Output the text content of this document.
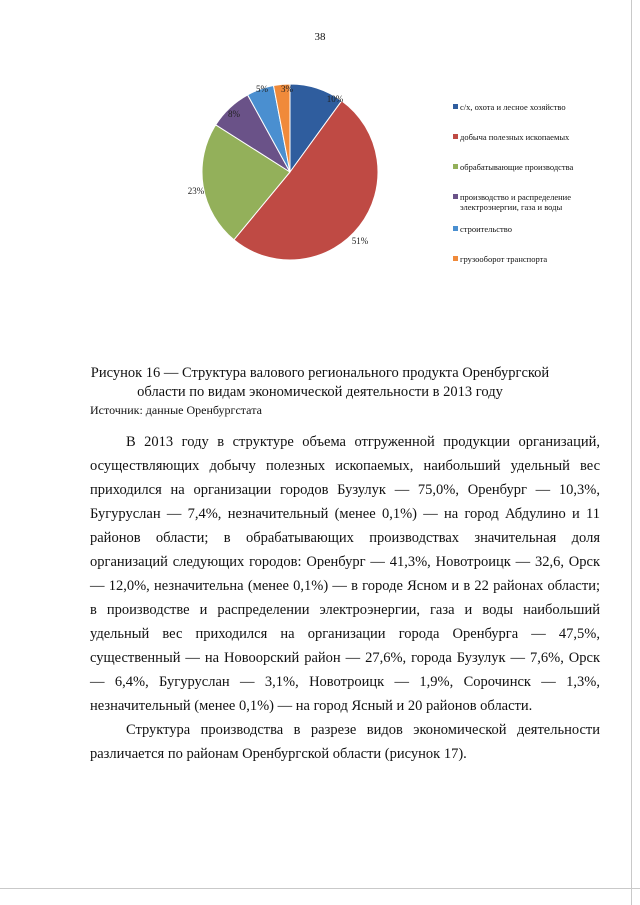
38
10%
51%
23%
8%
5% 3%
с/х, охота и лесное хозяйство
добыча полезных ископаемых
обрабатывающие производства
производство и распределение электроэнергии, газа и воды
строительство
грузооборот транспорта
Рисунок 16 — Структура валового регионального продукта Оренбургской
области по видам экономической деятельности в 2013 году
Источник: данные Оренбургстата

В 2013 году в структуре объема отгруженной продукции организаций, осуществляющих добычу полезных ископаемых, наибольший удельный вес приходился на организации городов Бузулук — 75,0%, Оренбург — 10,3%, Бугуруслан — 7,4%, незначительный (менее 0,1%) — на город Абдулино и 11 районов области; в обрабатывающих производствах значительная доля организаций следующих городов: Оренбург — 41,3%, Новотроицк — 32,6, Орск — 12,0%, незначительна (менее 0,1%) — в городе Ясном и в 22 районах области; в производстве и распределении электроэнергии, газа и воды наибольший удельный вес приходился на организации города Оренбурга — 47,5%, существенный — на Новоорский район — 27,6%, города Бузулук — 7,6%, Орск — 6,4%, Бугуруслан — 3,1%, Новотроицк — 1,9%, Сорочинск — 1,3%, незначительный (менее 0,1%) — на город Ясный и 20 районов области.

Структура производства в разрезе видов экономической деятельности различается по районам Оренбургской области (рисунок 17).
